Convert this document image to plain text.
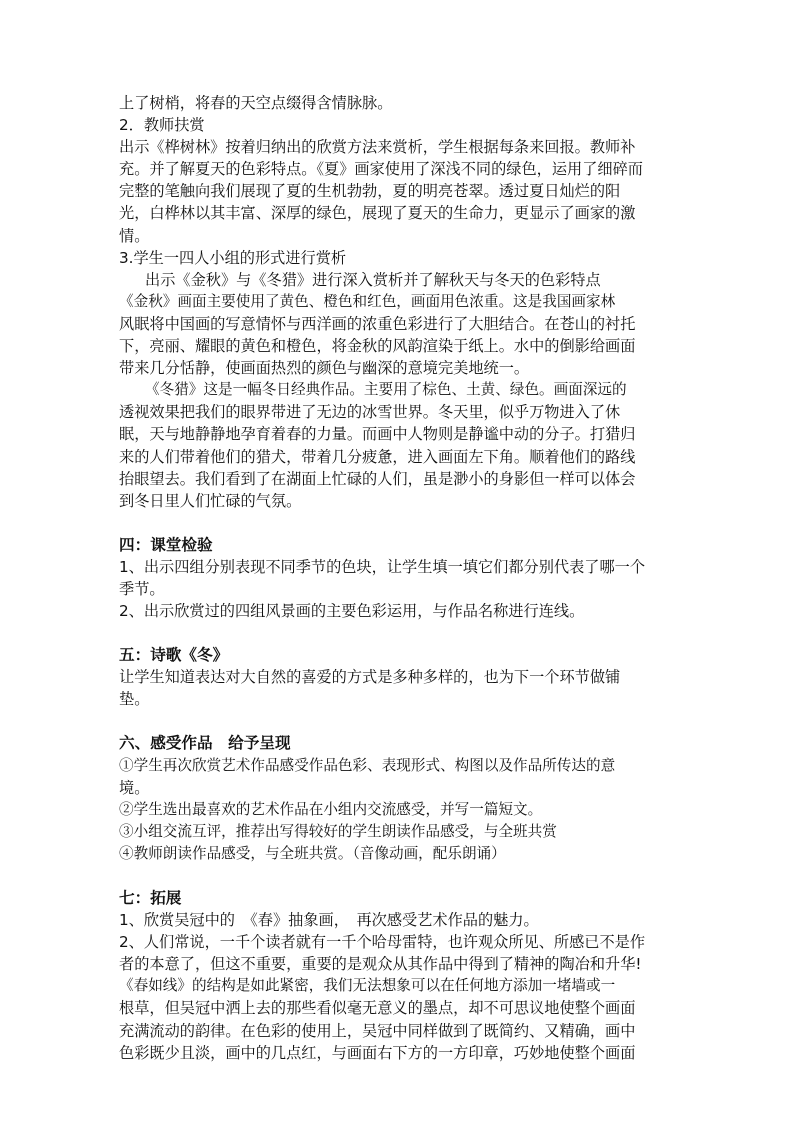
上了树梢，将春的天空点缀得含情脉脉。
2．教师扶赏
出示《桦树林》按着归纳出的欣赏方法来赏析，学生根据每条来回报。教师补
充。并了解夏天的色彩特点。《夏》画家使用了深浅不同的绿色，运用了细碎而
完整的笔触向我们展现了夏的生机勃勃，夏的明亮苍翠。透过夏日灿烂的阳
光，白桦林以其丰富、深厚的绿色，展现了夏天的生命力，更显示了画家的激
情。
3.学生一四人小组的形式进行赏析
出示《金秋》与《冬猎》进行深入赏析并了解秋天与冬天的色彩特点
《金秋》画面主要使用了黄色、橙色和红色，画面用色浓重。这是我国画家林
风眠将中国画的写意情怀与西洋画的浓重色彩进行了大胆结合。在苍山的衬托
下，亮丽、耀眼的黄色和橙色，将金秋的风韵渲染于纸上。水中的倒影给画面
带来几分恬静，使画面热烈的颜色与幽深的意境完美地统一。
《冬猎》这是一幅冬日经典作品。主要用了棕色、土黄、绿色。画面深远的
透视效果把我们的眼界带进了无边的冰雪世界。冬天里，似乎万物进入了休
眠，天与地静静地孕育着春的力量。而画中人物则是静谧中动的分子。打猎归
来的人们带着他们的猎犬，带着几分疲惫，进入画面左下角。顺着他们的路线
抬眼望去。我们看到了在湖面上忙碌的人们，虽是渺小的身影但一样可以体会
到冬日里人们忙碌的气氛。
四：课堂检验
1、出示四组分别表现不同季节的色块，让学生填一填它们都分别代表了哪一个
季节。
2、出示欣赏过的四组风景画的主要色彩运用，与作品名称进行连线。
五：诗歌《冬》
让学生知道表达对大自然的喜爱的方式是多种多样的，也为下一个环节做铺
垫。
六、感受作品　给予呈现
①学生再次欣赏艺术作品感受作品色彩、表现形式、构图以及作品所传达的意
境。
②学生选出最喜欢的艺术作品在小组内交流感受，并写一篇短文。
③小组交流互评，推荐出写得较好的学生朗读作品感受，与全班共赏
④教师朗读作品感受，与全班共赏。（音像动画，配乐朗诵）
七：拓展
1、欣赏吴冠中的　《春》抽象画，　再次感受艺术作品的魅力。
2、人们常说，一千个读者就有一千个哈母雷特，也许观众所见、所感已不是作
者的本意了，但这不重要，重要的是观众从其作品中得到了精神的陶冶和升华!
《春如线》的结构是如此紧密，我们无法想象可以在任何地方添加一堵墙或一
根草，但吴冠中洒上去的那些看似毫无意义的墨点，却不可思议地使整个画面
充满流动的韵律。在色彩的使用上，吴冠中同样做到了既简约、又精确，画中
色彩既少且淡，画中的几点红，与画面右下方的一方印章，巧妙地使整个画面
